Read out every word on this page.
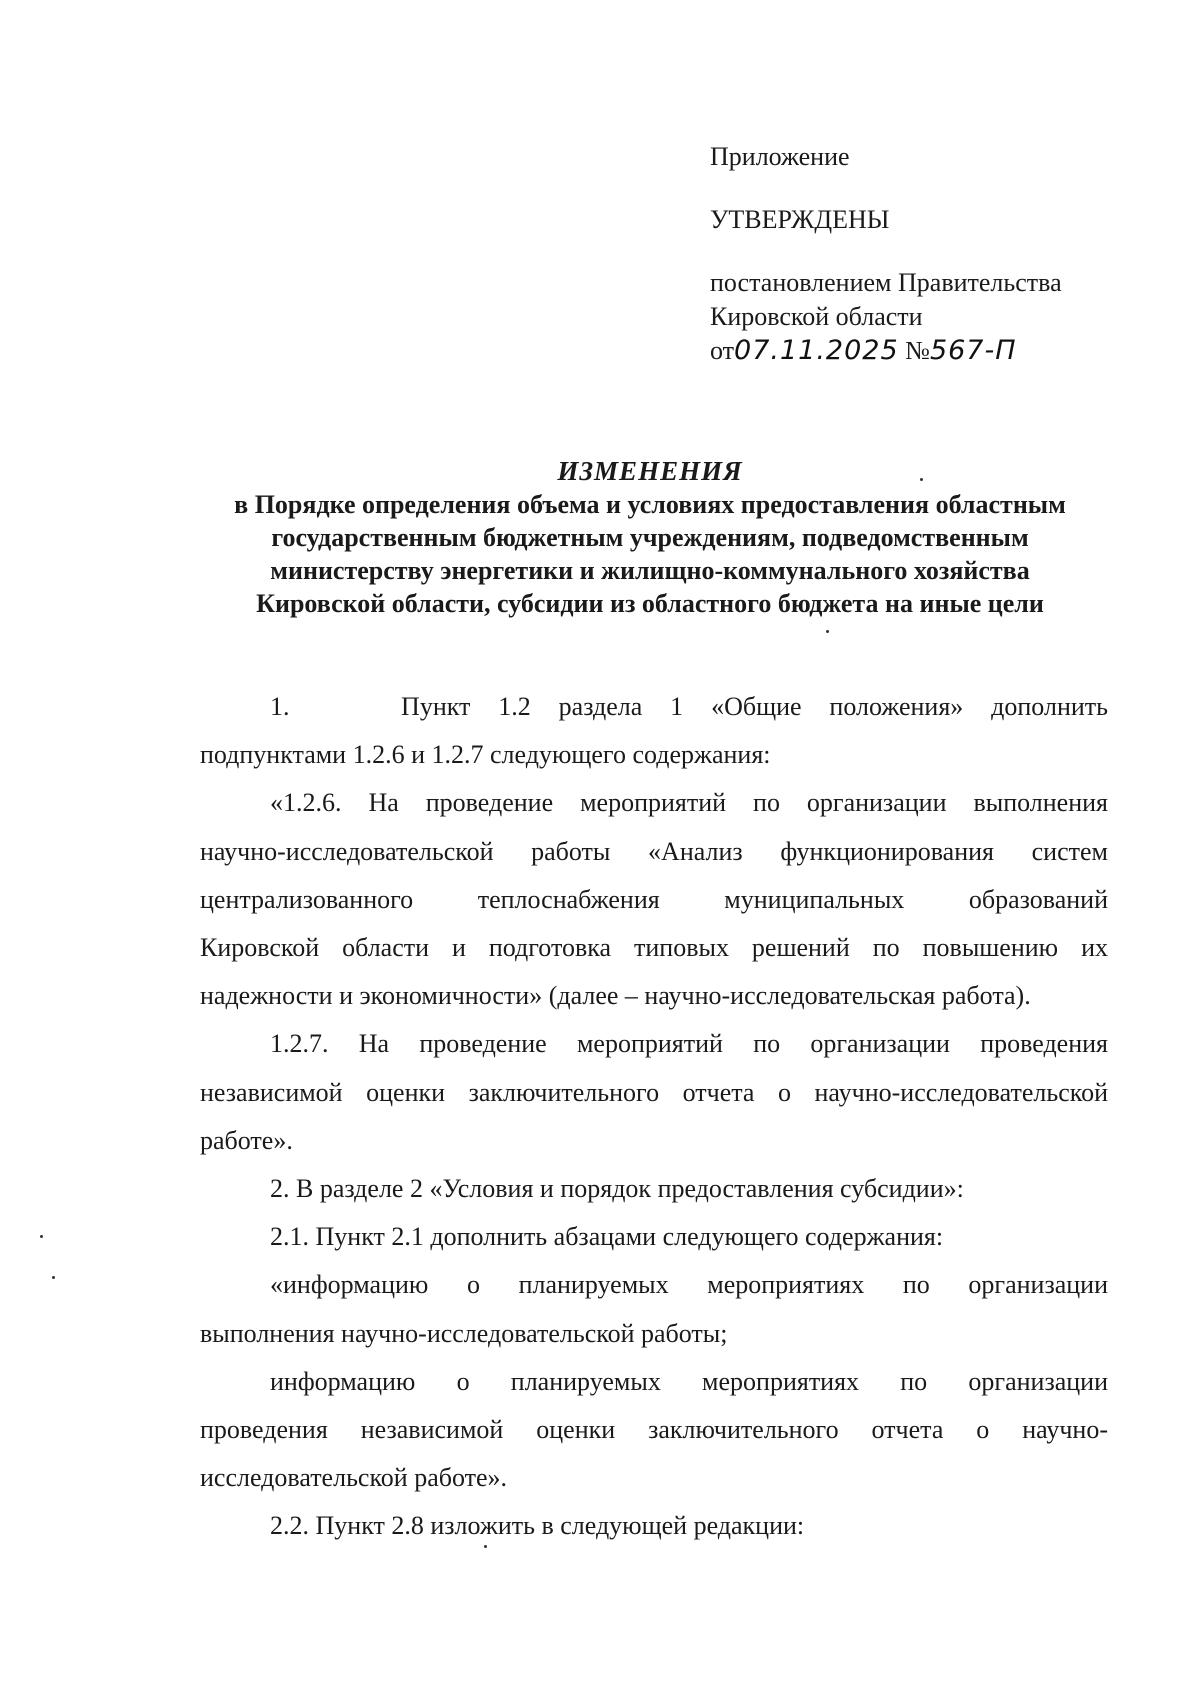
Приложение
УТВЕРЖДЕНЫ
постановлением Правительства
Кировской области
от07.11.2025 №567-П
ИЗМЕНЕНИЯ
в Порядке определения объема и условиях предоставления областным
государственным бюджетным учреждениям, подведомственным
министерству энергетики и жилищно-коммунального хозяйства
Кировской области, субсидии из областного бюджета на иные цели
1.    Пункт 1.2 раздела 1 «Общие положения» дополнить
подпунктами 1.2.6 и 1.2.7 следующего содержания:
«1.2.6. На проведение мероприятий по организации выполнения
научно-исследовательской работы «Анализ функционирования систем
централизованного теплоснабжения муниципальных образований
Кировской области и подготовка типовых решений по повышению их
надежности и экономичности» (далее – научно-исследовательская работа).
1.2.7. На проведение мероприятий по организации проведения
независимой оценки заключительного отчета о научно-исследовательской
работе».
2. В разделе 2 «Условия и порядок предоставления субсидии»:
2.1. Пункт 2.1 дополнить абзацами следующего содержания:
«информацию о планируемых мероприятиях по организации
выполнения научно-исследовательской работы;
информацию о планируемых мероприятиях по организации
проведения независимой оценки заключительного отчета о научно-
исследовательской работе».
2.2. Пункт 2.8 изложить в следующей редакции:
